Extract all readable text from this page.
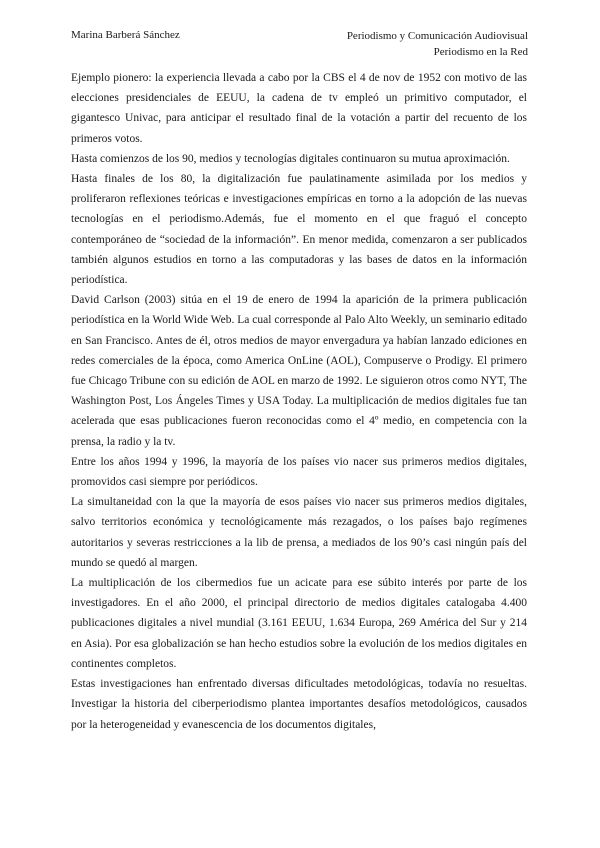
Marina Barberá Sánchez	Periodismo y Comunicación Audiovisual
Periodismo en la Red

Ejemplo pionero: la experiencia llevada a cabo por la CBS el 4 de nov de 1952 con motivo de las elecciones presidenciales de EEUU, la cadena de tv empleó un primitivo computador, el gigantesco Univac, para anticipar el resultado final de la votación a partir del recuento de los primeros votos.

Hasta comienzos de los 90, medios y tecnologías digitales continuaron su mutua aproximación.

Hasta finales de los 80, la digitalización fue paulatinamente asimilada por los medios y proliferaron reflexiones teóricas e investigaciones empíricas en torno a la adopción de las nuevas tecnologías en el periodismo.Además, fue el momento en el que fraguó el concepto contemporáneo de “sociedad de la información”. En menor medida, comenzaron a ser publicados también algunos estudios en torno a las computadoras y las bases de datos en la información periodística.

David Carlson (2003) sitúa en el 19 de enero de 1994 la aparición de la primera publicación periodística en la World Wide Web. La cual corresponde al Palo Alto Weekly, un seminario editado en San Francisco. Antes de él, otros medios de mayor envergadura ya habían lanzado ediciones en redes comerciales de la época, como America OnLine (AOL), Compuserve o Prodigy. El primero fue Chicago Tribune con su edición de AOL en marzo de 1992. Le siguieron otros como NYT, The Washington Post, Los Ángeles Times y USA Today. La multiplicación de medios digitales fue tan acelerada que esas publicaciones fueron reconocidas como el 4º medio, en competencia con la prensa, la radio y la tv.

Entre los años 1994 y 1996, la mayoría de los países vio nacer sus primeros medios digitales, promovidos casi siempre por periódicos.

La simultaneidad con la que la mayoría de esos países vio nacer sus primeros medios digitales, salvo territorios económica y tecnológicamente más rezagados, o los países bajo regímenes autoritarios y severas restricciones a la lib de prensa, a mediados de los 90’s casi ningún país del mundo se quedó al margen.

La multiplicación de los cibermedios fue un acicate para ese súbito interés por parte de los investigadores. En el año 2000, el principal directorio de medios digitales catalogaba 4.400 publicaciones digitales a nivel mundial (3.161 EEUU, 1.634 Europa, 269 América del Sur y 214 en Asia). Por esa globalización se han hecho estudios sobre la evolución de los medios digitales en continentes completos.

Estas investigaciones han enfrentado diversas dificultades metodológicas, todavía no resueltas. Investigar la historia del ciberperiodismo plantea importantes desafíos metodológicos, causados por la heterogeneidad y evanescencia de los documentos digitales,
